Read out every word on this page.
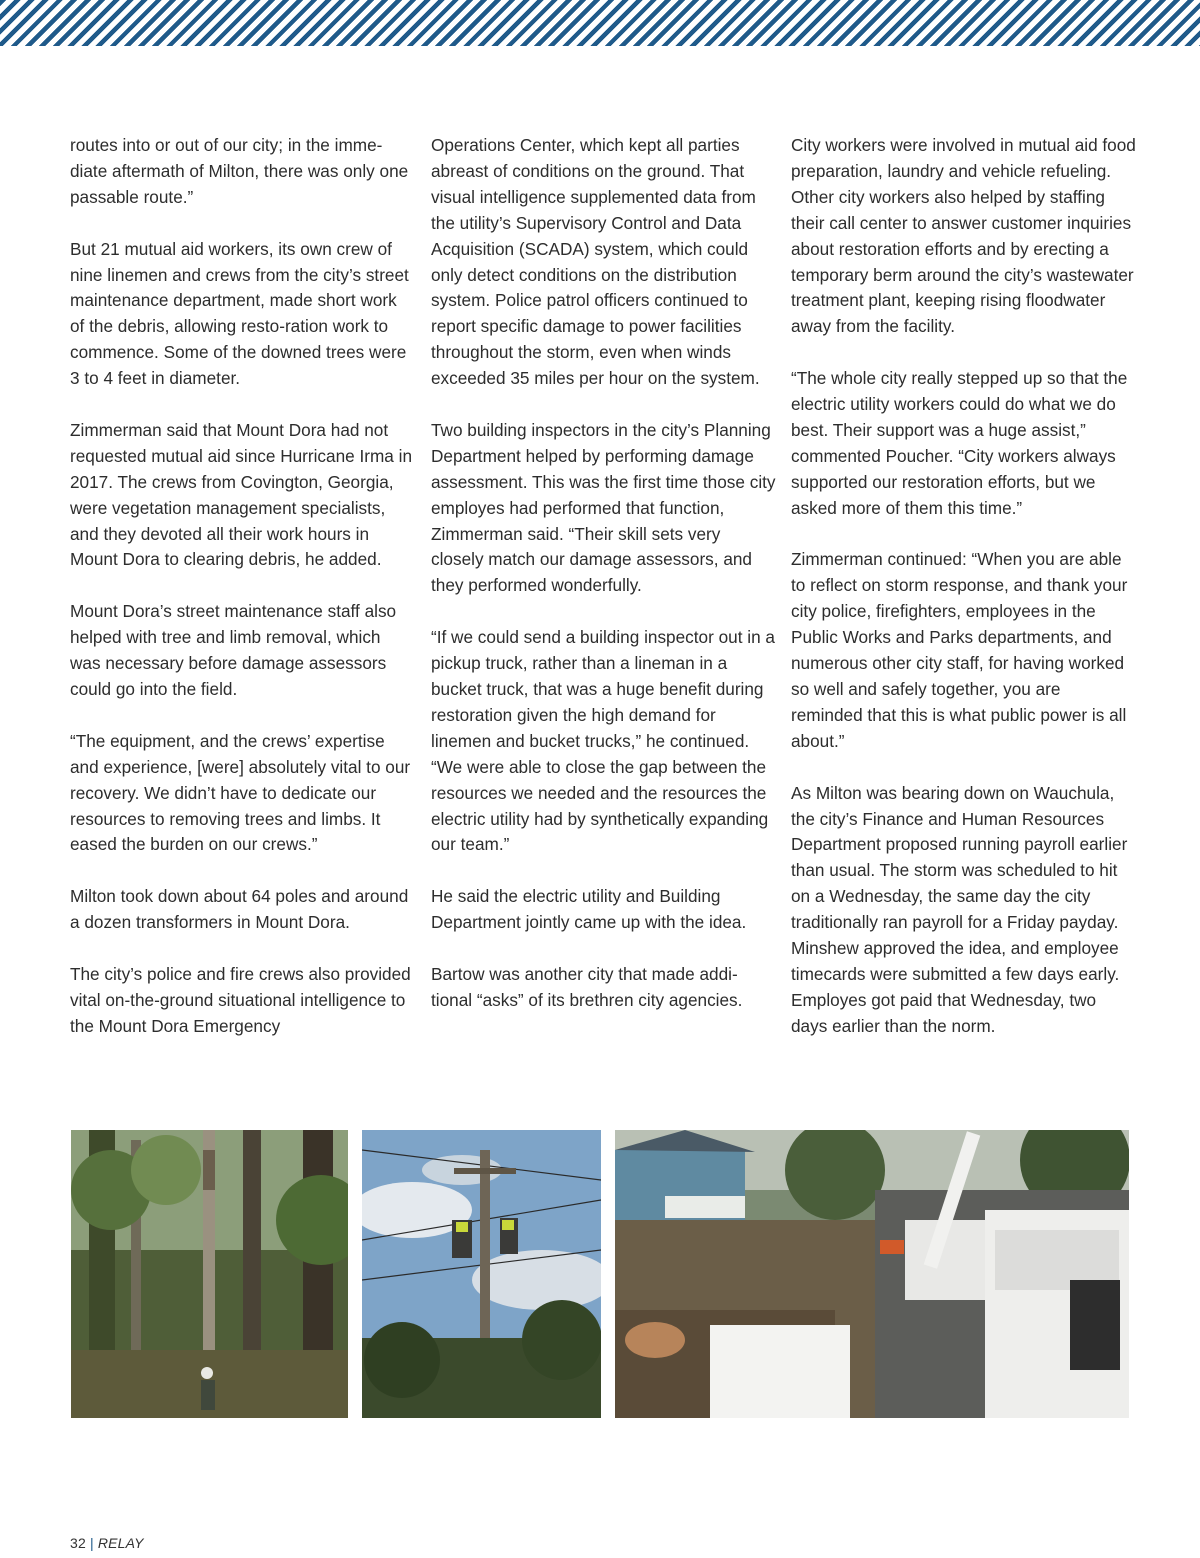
routes into or out of our city; in the imme-diate aftermath of Milton, there was only one passable route.”

But 21 mutual aid workers, its own crew of nine linemen and crews from the city’s street maintenance department, made short work of the debris, allowing resto-ration work to commence. Some of the downed trees were 3 to 4 feet in diameter.

Zimmerman said that Mount Dora had not requested mutual aid since Hurricane Irma in 2017. The crews from Covington, Georgia, were vegetation management specialists, and they devoted all their work hours in Mount Dora to clearing debris, he added.

Mount Dora’s street maintenance staff also helped with tree and limb removal, which was necessary before damage assessors could go into the field.

“The equipment, and the crews’ expertise and experience, [were] absolutely vital to our recovery. We didn’t have to dedicate our resources to removing trees and limbs. It eased the burden on our crews.”

Milton took down about 64 poles and around a dozen transformers in Mount Dora.

The city’s police and fire crews also provided vital on-the-ground situational intelligence to the Mount Dora Emergency

Operations Center, which kept all parties abreast of conditions on the ground. That visual intelligence supplemented data from the utility’s Supervisory Control and Data Acquisition (SCADA) system, which could only detect conditions on the distribution system. Police patrol officers continued to report specific damage to power facilities throughout the storm, even when winds exceeded 35 miles per hour on the system.

Two building inspectors in the city’s Planning Department helped by performing damage assessment. This was the first time those city employes had performed that function, Zimmerman said. “Their skill sets very closely match our damage assessors, and they performed wonderfully.

“If we could send a building inspector out in a pickup truck, rather than a lineman in a bucket truck, that was a huge benefit during restoration given the high demand for linemen and bucket trucks,” he continued. “We were able to close the gap between the resources we needed and the resources the electric utility had by synthetically expanding our team.”

He said the electric utility and Building Department jointly came up with the idea.

Bartow was another city that made addi-tional “asks” of its brethren city agencies.

City workers were involved in mutual aid food preparation, laundry and vehicle refueling. Other city workers also helped by staffing their call center to answer customer inquiries about restoration efforts and by erecting a temporary berm around the city’s wastewater treatment plant, keeping rising floodwater away from the facility.

“The whole city really stepped up so that the electric utility workers could do what we do best. Their support was a huge assist,” commented Poucher. “City workers always supported our restoration efforts, but we asked more of them this time.”

Zimmerman continued: “When you are able to reflect on storm response, and thank your city police, firefighters, employees in the Public Works and Parks departments, and numerous other city staff, for having worked so well and safely together, you are reminded that this is what public power is all about.”

As Milton was bearing down on Wauchula, the city’s Finance and Human Resources Department proposed running payroll earlier than usual. The storm was scheduled to hit on a Wednesday, the same day the city traditionally ran payroll for a Friday payday. Minshew approved the idea, and employee timecards were submitted a few days early. Employes got paid that Wednesday, two days earlier than the norm.

32 | RELAY
